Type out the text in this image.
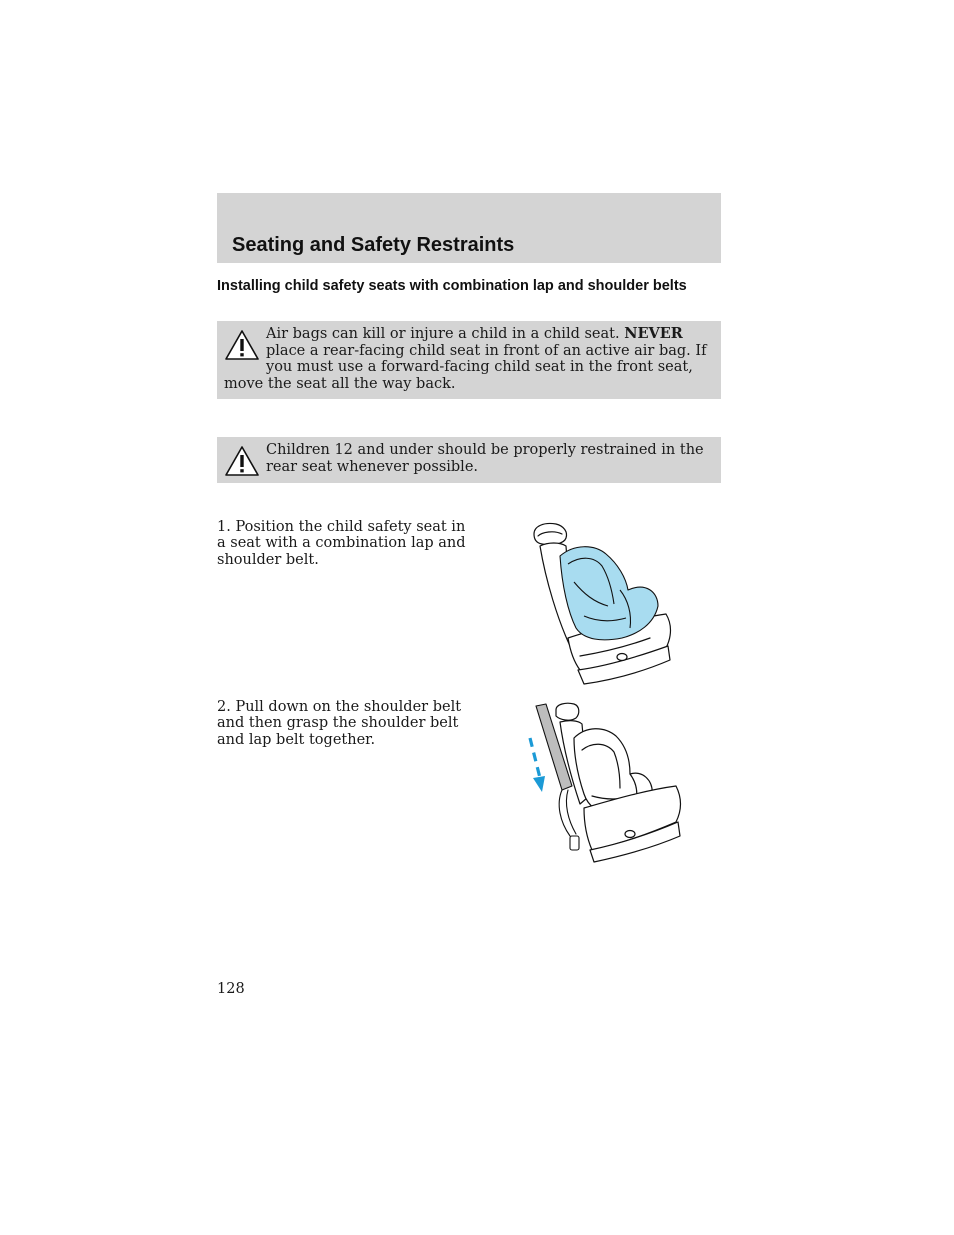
Seating and Safety Restraints
Installing child safety seats with combination lap and shoulder belts

Air bags can kill or injure a child in a child seat. NEVER place a rear-facing child seat in front of an active air bag. If you must use a forward-facing child seat in the front seat, move the seat all the way back.

Children 12 and under should be properly restrained in the rear seat whenever possible.

1. Position the child safety seat in a seat with a combination lap and shoulder belt.

2. Pull down on the shoulder belt and then grasp the shoulder belt and lap belt together.

128
